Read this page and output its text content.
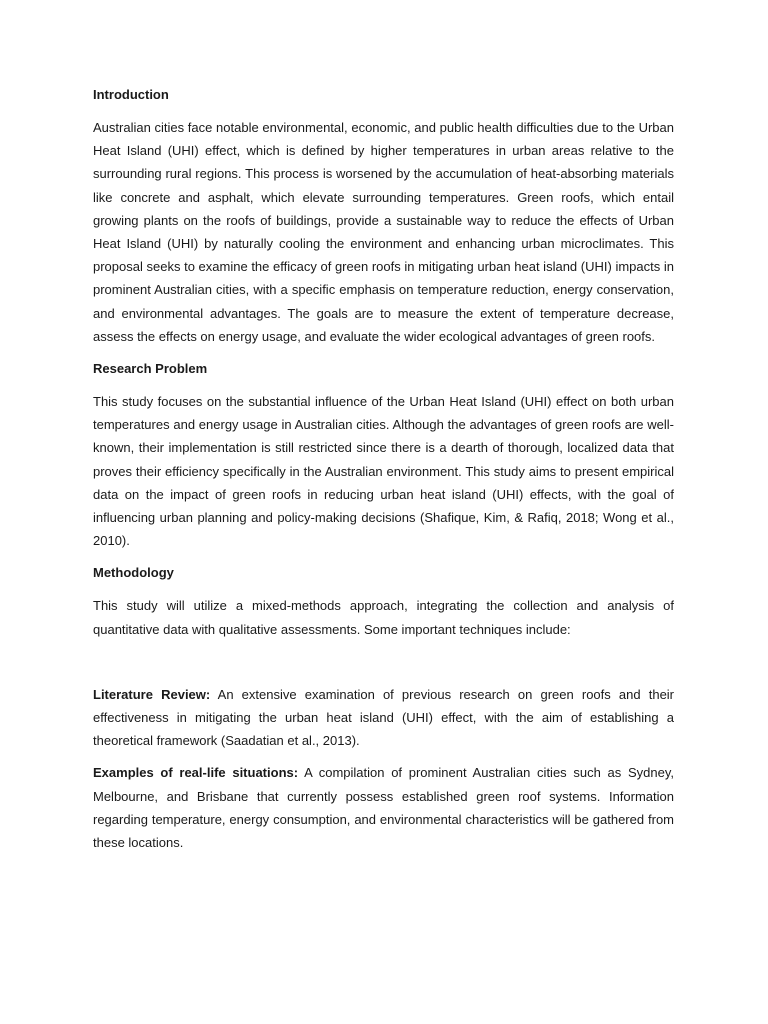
Introduction

Australian cities face notable environmental, economic, and public health difficulties due to the Urban Heat Island (UHI) effect, which is defined by higher temperatures in urban areas relative to the surrounding rural regions. This process is worsened by the accumulation of heat-absorbing materials like concrete and asphalt, which elevate surrounding temperatures. Green roofs, which entail growing plants on the roofs of buildings, provide a sustainable way to reduce the effects of Urban Heat Island (UHI) by naturally cooling the environment and enhancing urban microclimates. This proposal seeks to examine the efficacy of green roofs in mitigating urban heat island (UHI) impacts in prominent Australian cities, with a specific emphasis on temperature reduction, energy conservation, and environmental advantages. The goals are to measure the extent of temperature decrease, assess the effects on energy usage, and evaluate the wider ecological advantages of green roofs.

Research Problem

This study focuses on the substantial influence of the Urban Heat Island (UHI) effect on both urban temperatures and energy usage in Australian cities. Although the advantages of green roofs are well-known, their implementation is still restricted since there is a dearth of thorough, localized data that proves their efficiency specifically in the Australian environment. This study aims to present empirical data on the impact of green roofs in reducing urban heat island (UHI) effects, with the goal of influencing urban planning and policy-making decisions (Shafique, Kim, & Rafiq, 2018; Wong et al., 2010).

Methodology

This study will utilize a mixed-methods approach, integrating the collection and analysis of quantitative data with qualitative assessments. Some important techniques include:

Literature Review: An extensive examination of previous research on green roofs and their effectiveness in mitigating the urban heat island (UHI) effect, with the aim of establishing a theoretical framework (Saadatian et al., 2013).

Examples of real-life situations: A compilation of prominent Australian cities such as Sydney, Melbourne, and Brisbane that currently possess established green roof systems. Information regarding temperature, energy consumption, and environmental characteristics will be gathered from these locations.
